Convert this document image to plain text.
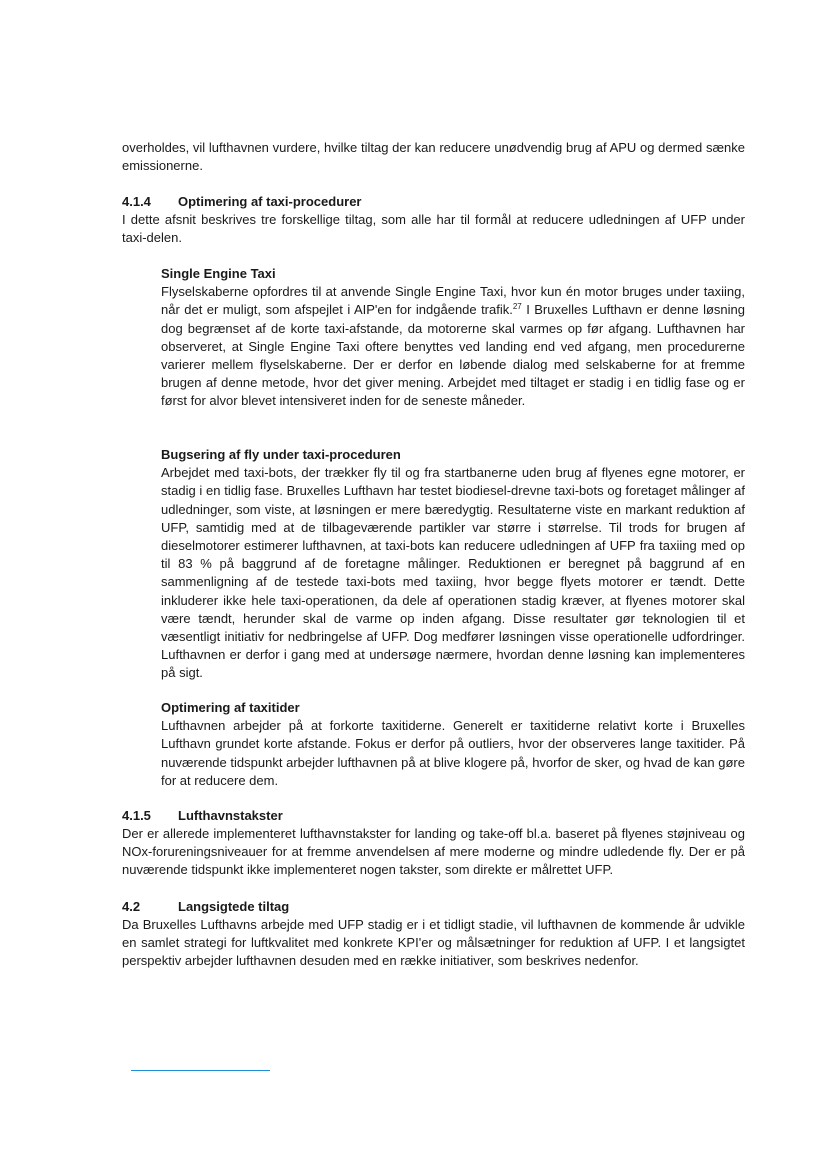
overholdes, vil lufthavnen vurdere, hvilke tiltag der kan reducere unødvendig brug af APU og dermed sænke emissionerne.

4.1.4 Optimering af taxi-procedurer

I dette afsnit beskrives tre forskellige tiltag, som alle har til formål at reducere udledningen af UFP under taxi-delen.

Single Engine Taxi

Flyselskaberne opfordres til at anvende Single Engine Taxi, hvor kun én motor bruges under taxiing, når det er muligt, som afspejlet i AIP'en for indgående trafik.$^{27}$ I Bruxelles Lufthavn er denne løsning dog begrænset af de korte taxi-afstande, da motorerne skal varmes op før afgang. Lufthavnen har observeret, at Single Engine Taxi oftere benyttes ved landing end ved afgang, men procedurerne varierer mellem flyselskaberne. Der er derfor en løbende dialog med selskaberne for at fremme brugen af denne metode, hvor det giver mening. Arbejdet med tiltaget er stadig i en tidlig fase og er først for alvor blevet intensiveret inden for de seneste måneder.

Bugsering af fly under taxi-proceduren

Arbejdet med taxi-bots, der trækker fly til og fra startbanerne uden brug af flyenes egne motorer, er stadig i en tidlig fase. Bruxelles Lufthavn har testet biodiesel-drevne taxi-bots og foretaget målinger af udledninger, som viste, at løsningen er mere bæredygtig. Resultaterne viste en markant reduktion af UFP, samtidig med at de tilbageværende partikler var større i størrelse. Til trods for brugen af dieselmotorer estimerer lufthavnen, at taxi-bots kan reducere udledningen af UFP fra taxiing med op til 83 % på baggrund af de foretagne målinger. Reduktionen er beregnet på baggrund af en sammenligning af de testede taxi-bots med taxiing, hvor begge flyets motorer er tændt. Dette inkluderer ikke hele taxi-operationen, da dele af operationen stadig kræver, at flyenes motorer skal være tændt, herunder skal de varme op inden afgang. Disse resultater gør teknologien til et væsentligt initiativ for nedbringelse af UFP. Dog medfører løsningen visse operationelle udfordringer. Lufthavnen er derfor i gang med at undersøge nærmere, hvordan denne løsning kan implementeres på sigt.

Optimering af taxitider

Lufthavnen arbejder på at forkorte taxitiderne. Generelt er taxitiderne relativt korte i Bruxelles Lufthavn grundet korte afstande. Fokus er derfor på outliers, hvor der observeres lange taxitider. På nuværende tidspunkt arbejder lufthavnen på at blive klogere på, hvorfor de sker, og hvad de kan gøre for at reducere dem.

4.1.5 Lufthavnstakster

Der er allerede implementeret lufthavnstakster for landing og take-off bl.a. baseret på flyenes støjniveau og NOx-forureningsniveauer for at fremme anvendelsen af mere moderne og mindre udledende fly. Der er på nuværende tidspunkt ikke implementeret nogen takster, som direkte er målrettet UFP.

4.2	Langsigtede tiltag

Da Bruxelles Lufthavns arbejde med UFP stadig er i et tidligt stadie, vil lufthavnen de kommende år udvikle en samlet strategi for luftkvalitet med konkrete KPI'er og målsætninger for reduktion af UFP. I et langsigtet perspektiv arbejder lufthavnen desuden med en række initiativer, som beskrives nedenfor.
